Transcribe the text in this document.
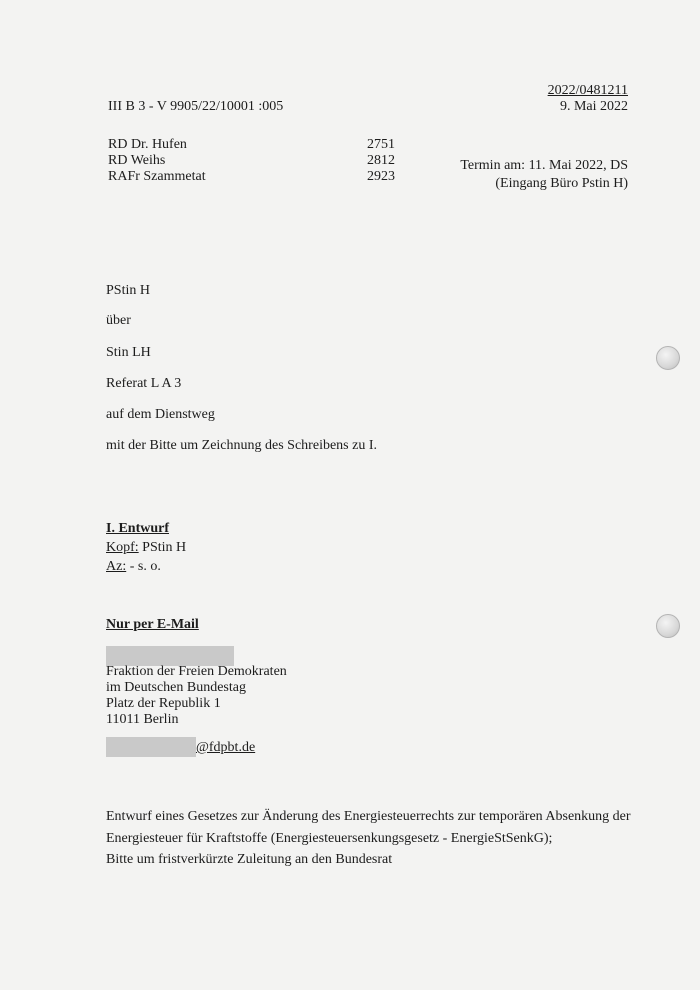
2022/0481211
9. Mai 2022
III B 3 - V 9905/22/10001 :005
RD Dr. Hufen
RD Weihs
RAFr Szammetat
2751
2812
2923
Termin am: 11. Mai 2022, DS
(Eingang Büro Pstin H)
PStin H
über
Stin LH
Referat L A 3
auf dem Dienstweg
mit der Bitte um Zeichnung des Schreibens zu I.
I. Entwurf
Kopf: PStin H
Az: - s. o.
Nur per E-Mail
Fraktion der Freien Demokraten
im Deutschen Bundestag
Platz der Republik 1
11011 Berlin
@fdpbt.de
Entwurf eines Gesetzes zur Änderung des Energiesteuerrechts zur temporären Absenkung der
Energiesteuer für Kraftstoffe (Energiesteuersenkungsgesetz - EnergieStSenkG);
Bitte um fristverkürzte Zuleitung an den Bundesrat
